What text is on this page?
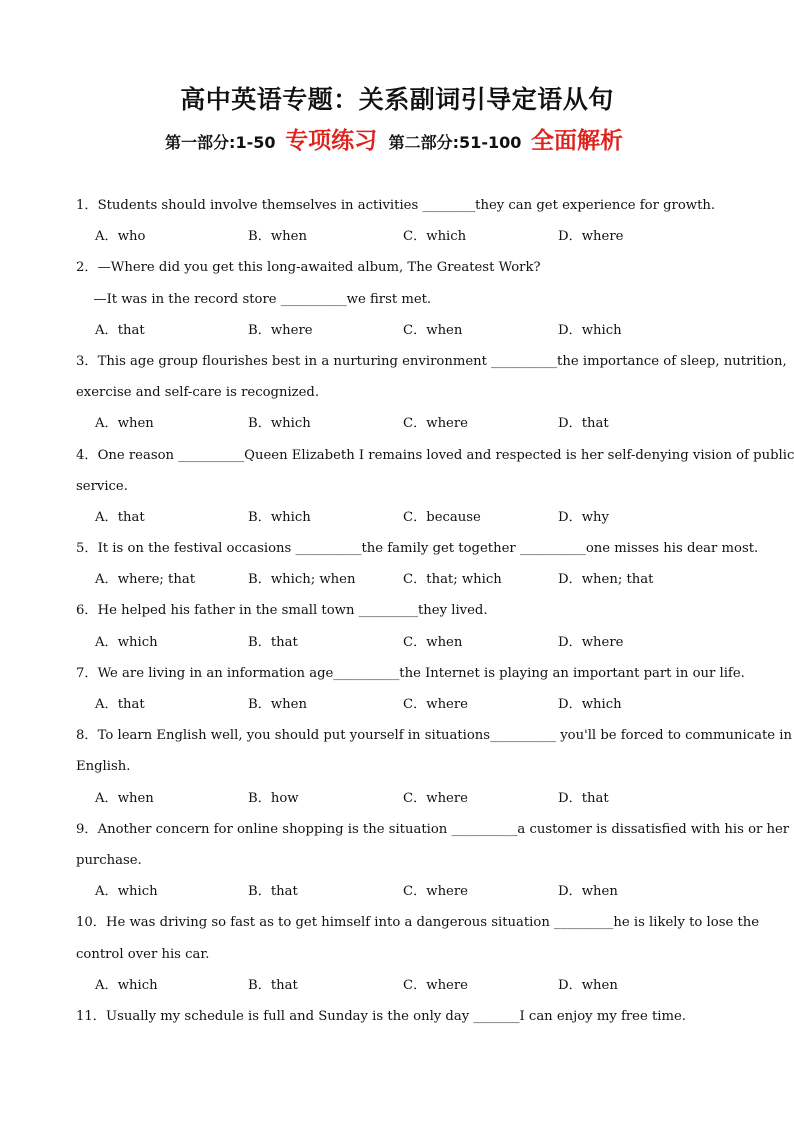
高中英语专题：关系副词引导定语从句
第一部分:1-50 专项练习 第二部分:51-100 全面解析
1．Students should involve themselves in activities ________they can get experience for growth.
A．who	B．when	C．which	D．where
2．—Where did you get this long-awaited album, The Greatest Work?
　 —It was in the record store __________we first met.
A．that	B．where	C．when	D．which
3．This age group flourishes best in a nurturing environment __________the importance of sleep, nutrition,
exercise and self-care is recognized.
A．when	B．which	C．where	D．that
4．One reason __________Queen Elizabeth I remains loved and respected is her self-denying vision of public
service.
A．that	B．which	C．because	D．why
5．It is on the festival occasions __________the family get together __________one misses his dear most.
A．where; that	B．which; when	C．that; which	D．when; that
6．He helped his father in the small town _________they lived.
A．which	B．that	C．when	D．where
7．We are living in an information age__________the Internet is playing an important part in our life.
A．that	B．when	C．where	D．which
8．To learn English well, you should put yourself in situations__________ you'll be forced to communicate in
English.
A．when	B．how	C．where	D．that
9．Another concern for online shopping is the situation __________a customer is dissatisfied with his or her
purchase.
A．which	B．that	C．where	D．when
10．He was driving so fast as to get himself into a dangerous situation _________he is likely to lose the
control over his car.
A．which	B．that	C．where	D．when
11．Usually my schedule is full and Sunday is the only day _______I can enjoy my free time.
